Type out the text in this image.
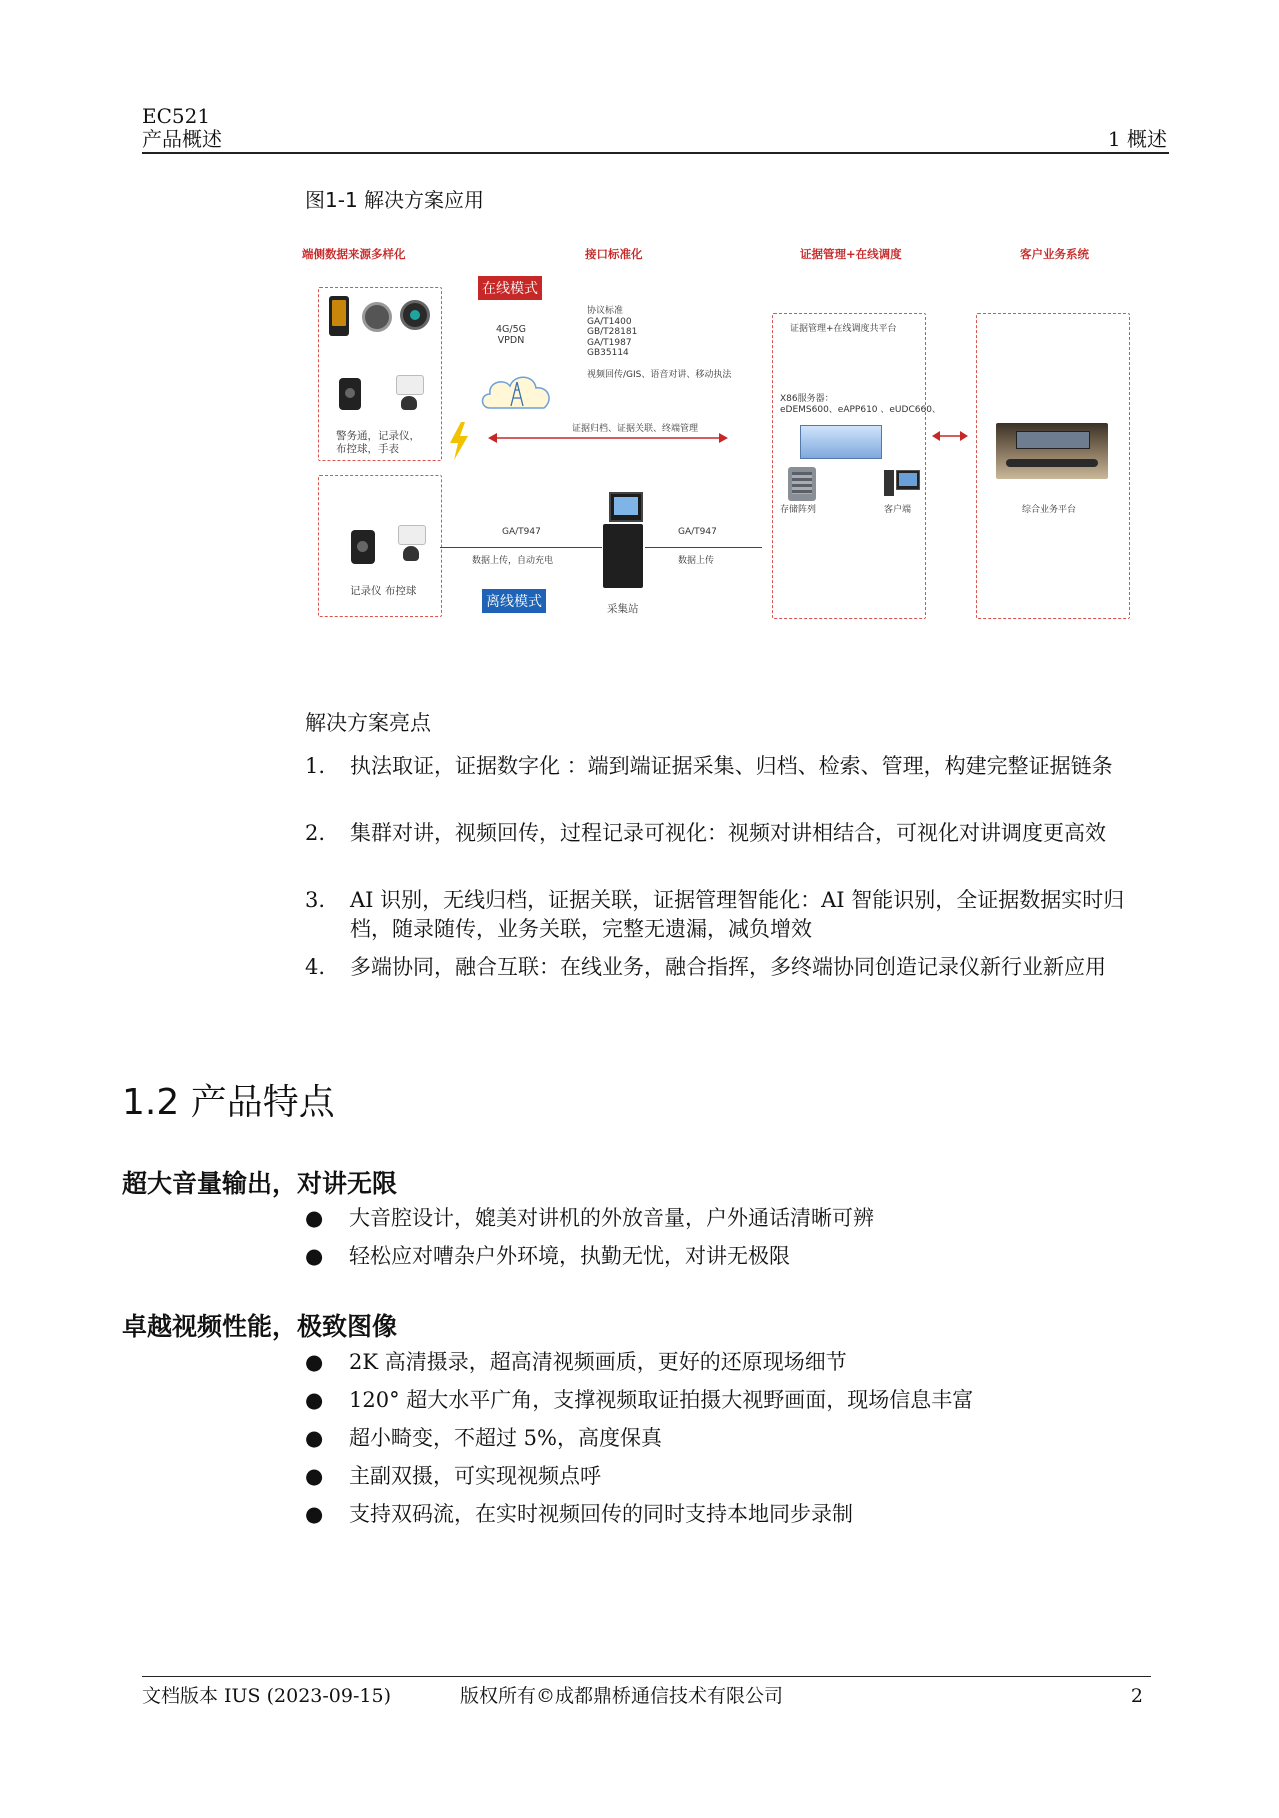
EC521
产品概述	1 概述
图1-1 解决方案应用
端侧数据来源多样化	接口标准化	证据管理+在线调度	客户业务系统
警务通，记录仪，
布控球，手表
在线模式
4G/5G
VPDN
协议标准
GA/T1400
GB/T28181
GA/T1987
GB35114
视频回传/GIS、语音对讲、移动执法
证据归档、证据关联、终端管理
记录仪 布控球
GA/T947
数据上传，自动充电
GA/T947
数据上传
采集站
离线模式
证据管理+在线调度共平台
X86服务器：
eDEMS600、eAPP610 、eUDC660、
存储阵列	客户端	综合业务平台
解决方案亮点
1. 执法取证，证据数字化 ：端到端证据采集、归档、检索、管理，构建完整证据链条
2. 集群对讲，视频回传，过程记录可视化：视频对讲相结合，可视化对讲调度更高效
3. AI 识别，无线归档，证据关联，证据管理智能化：AI 智能识别，全证据数据实时归档，随录随传，业务关联，完整无遗漏，减负增效
4. 多端协同，融合互联：在线业务，融合指挥，多终端协同创造记录仪新行业新应用
1.2 产品特点
超大音量输出，对讲无限
● 大音腔设计，媲美对讲机的外放音量，户外通话清晰可辨
● 轻松应对嘈杂户外环境，执勤无忧，对讲无极限
卓越视频性能，极致图像
● 2K 高清摄录，超高清视频画质，更好的还原现场细节
● 120° 超大水平广角，支撑视频取证拍摄大视野画面，现场信息丰富
● 超小畸变，不超过 5%，高度保真
● 主副双摄，可实现视频点呼
● 支持双码流，在实时视频回传的同时支持本地同步录制
文档版本 IUS (2023-09-15)	版权所有©成都鼎桥通信技术有限公司	2
